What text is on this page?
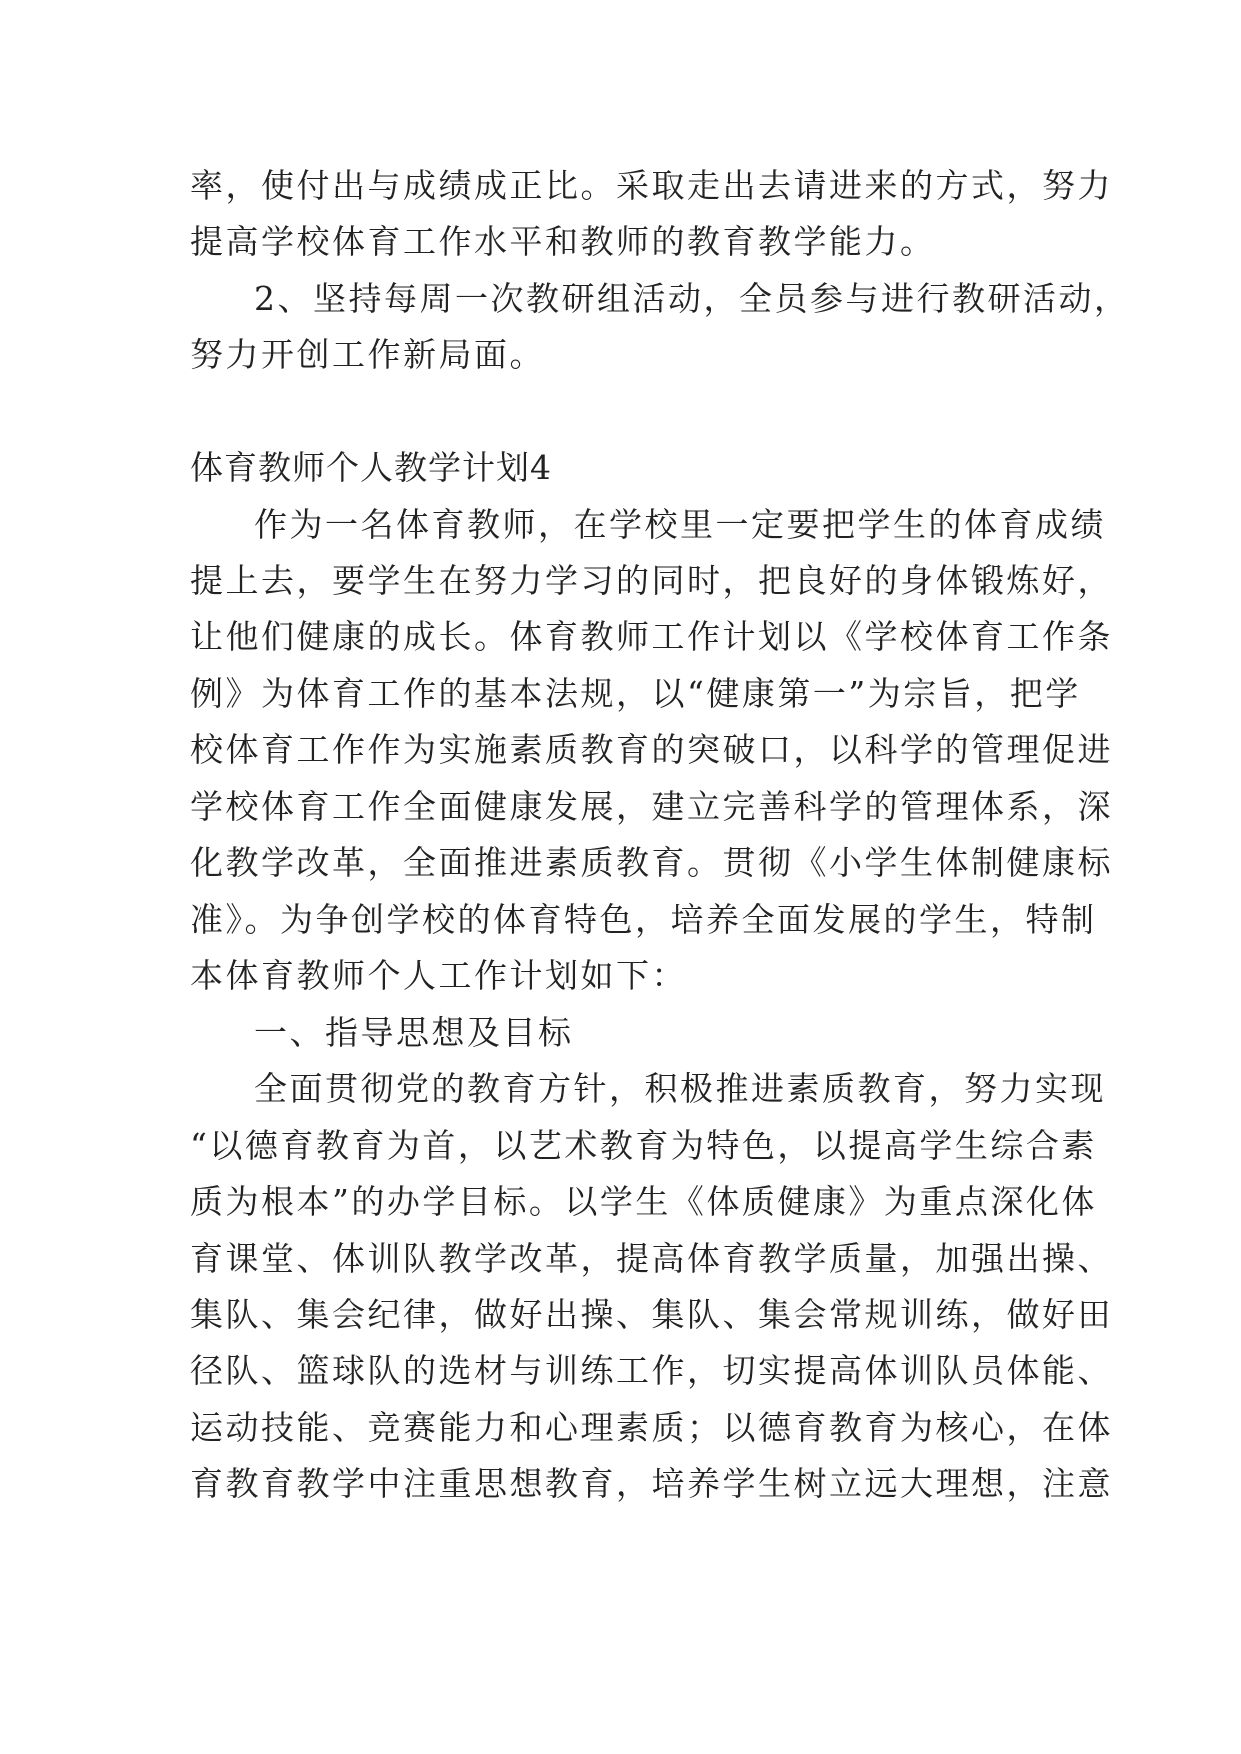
率，使付出与成绩成正比。采取走出去请进来的方式，努力
提高学校体育工作水平和教师的教育教学能力。
2、坚持每周一次教研组活动，全员参与进行教研活动，
努力开创工作新局面。
体育教师个人教学计划4
作为一名体育教师，在学校里一定要把学生的体育成绩
提上去，要学生在努力学习的同时，把良好的身体锻炼好，
让他们健康的成长。体育教师工作计划以《学校体育工作条
例》为体育工作的基本法规，以“健康第一”为宗旨，把学
校体育工作作为实施素质教育的突破口，以科学的管理促进
学校体育工作全面健康发展，建立完善科学的管理体系，深
化教学改革，全面推进素质教育。贯彻《小学生体制健康标
准》。为争创学校的体育特色，培养全面发展的学生，特制
本体育教师个人工作计划如下：
一、指导思想及目标
全面贯彻党的教育方针，积极推进素质教育，努力实现
“以德育教育为首，以艺术教育为特色，以提高学生综合素
质为根本”的办学目标。以学生《体质健康》为重点深化体
育课堂、体训队教学改革，提高体育教学质量，加强出操、
集队、集会纪律，做好出操、集队、集会常规训练，做好田
径队、篮球队的选材与训练工作，切实提高体训队员体能、
运动技能、竞赛能力和心理素质；以德育教育为核心，在体
育教育教学中注重思想教育，培养学生树立远大理想，注意
